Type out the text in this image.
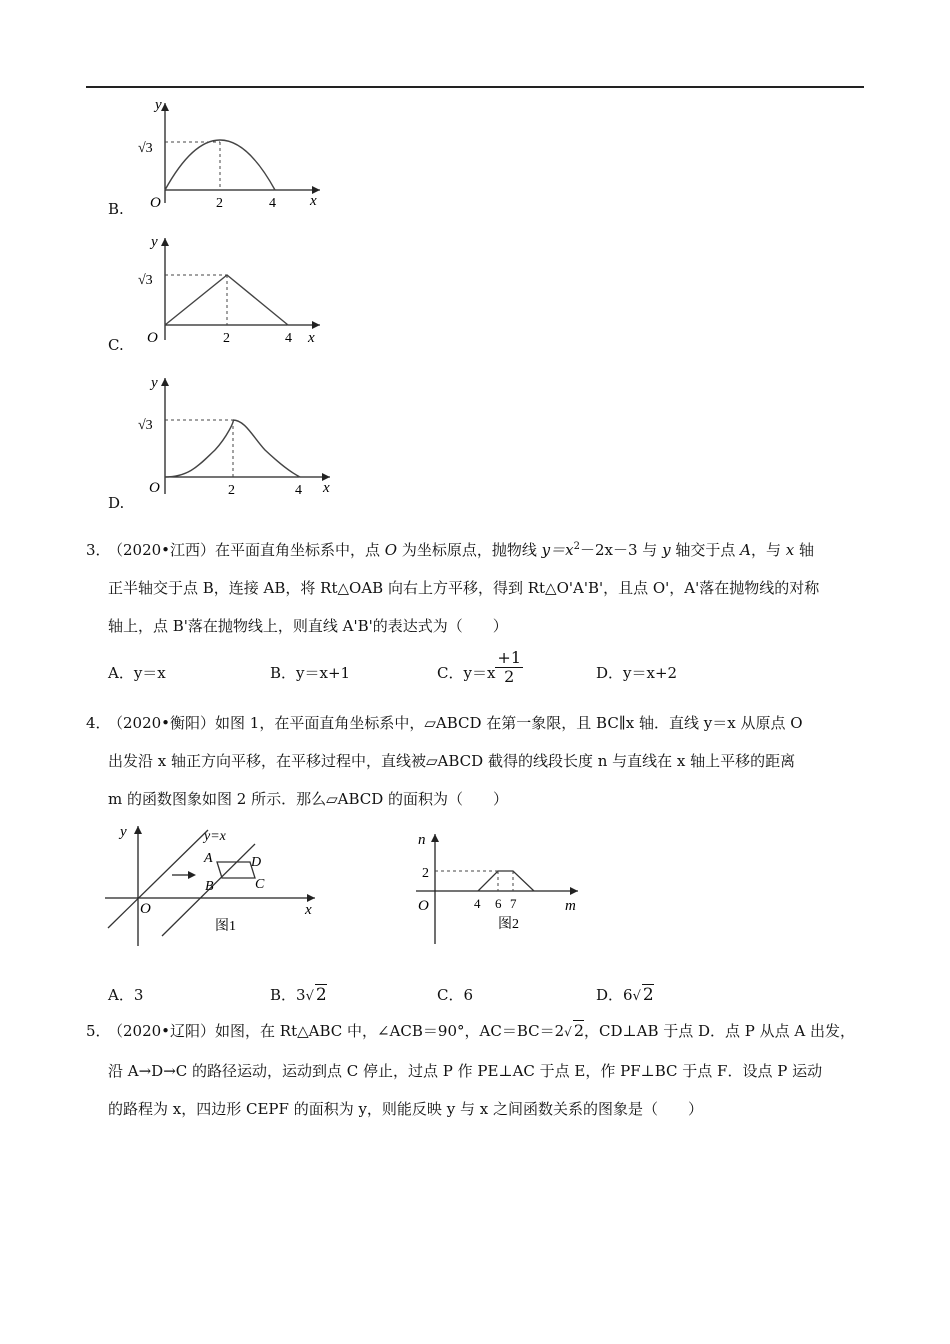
B.
y
√3
O	2	4 x
C.
y
√3
O	2	4 x
D.
y
√3
O	2	4 x
3．
（2020•江西）在平面直角坐标系中，点 O 为坐标原点，抛物线 $y=x^2-2x-3$ 与 y 轴交于点 A，与 x 轴
正半轴交于点 B，连接 AB，将 Rt△OAB 向右上方平移，得到 Rt△O'A'B'，且点 O'，A'落在抛物线的对称
轴上，点 B'落在抛物线上，则直线 A'B'的表达式为（　　）
A．y＝x	B．y＝x+1	C．$y=x \frac{+1}{2}$	D．y＝x+2
4．
（2020•衡阳）如图 1，在平面直角坐标系中，▱ABCD 在第一象限，且 BC∥x 轴．直线 y＝x 从原点 O
出发沿 x 轴正方向平移，在平移过程中，直线被▱ABCD 截得的线段长度 n 与直线在 x 轴上平移的距离
m 的函数图象如图 2 所示．那么▱ABCD 的面积为（　　）
y	y=x
A	D
B	C
O	x
图1
n
2
O	4 6 7	m
图2
A．3	B．3√ 2	C．6	D．6√ 2
5．
（2020•辽阳）如图，在 Rt△ABC 中，∠ACB＝90°，AC＝BC＝2√ 2，CD⊥AB 于点 D．点 P 从点 A 出发，
沿 A→D→C 的路径运动，运动到点 C 停止，过点 P 作 PE⊥AC 于点 E，作 PF⊥BC 于点 F．设点 P 运动
的路程为 x，四边形 CEPF 的面积为 y，则能反映 y 与 x 之间函数关系的图象是（　　）
